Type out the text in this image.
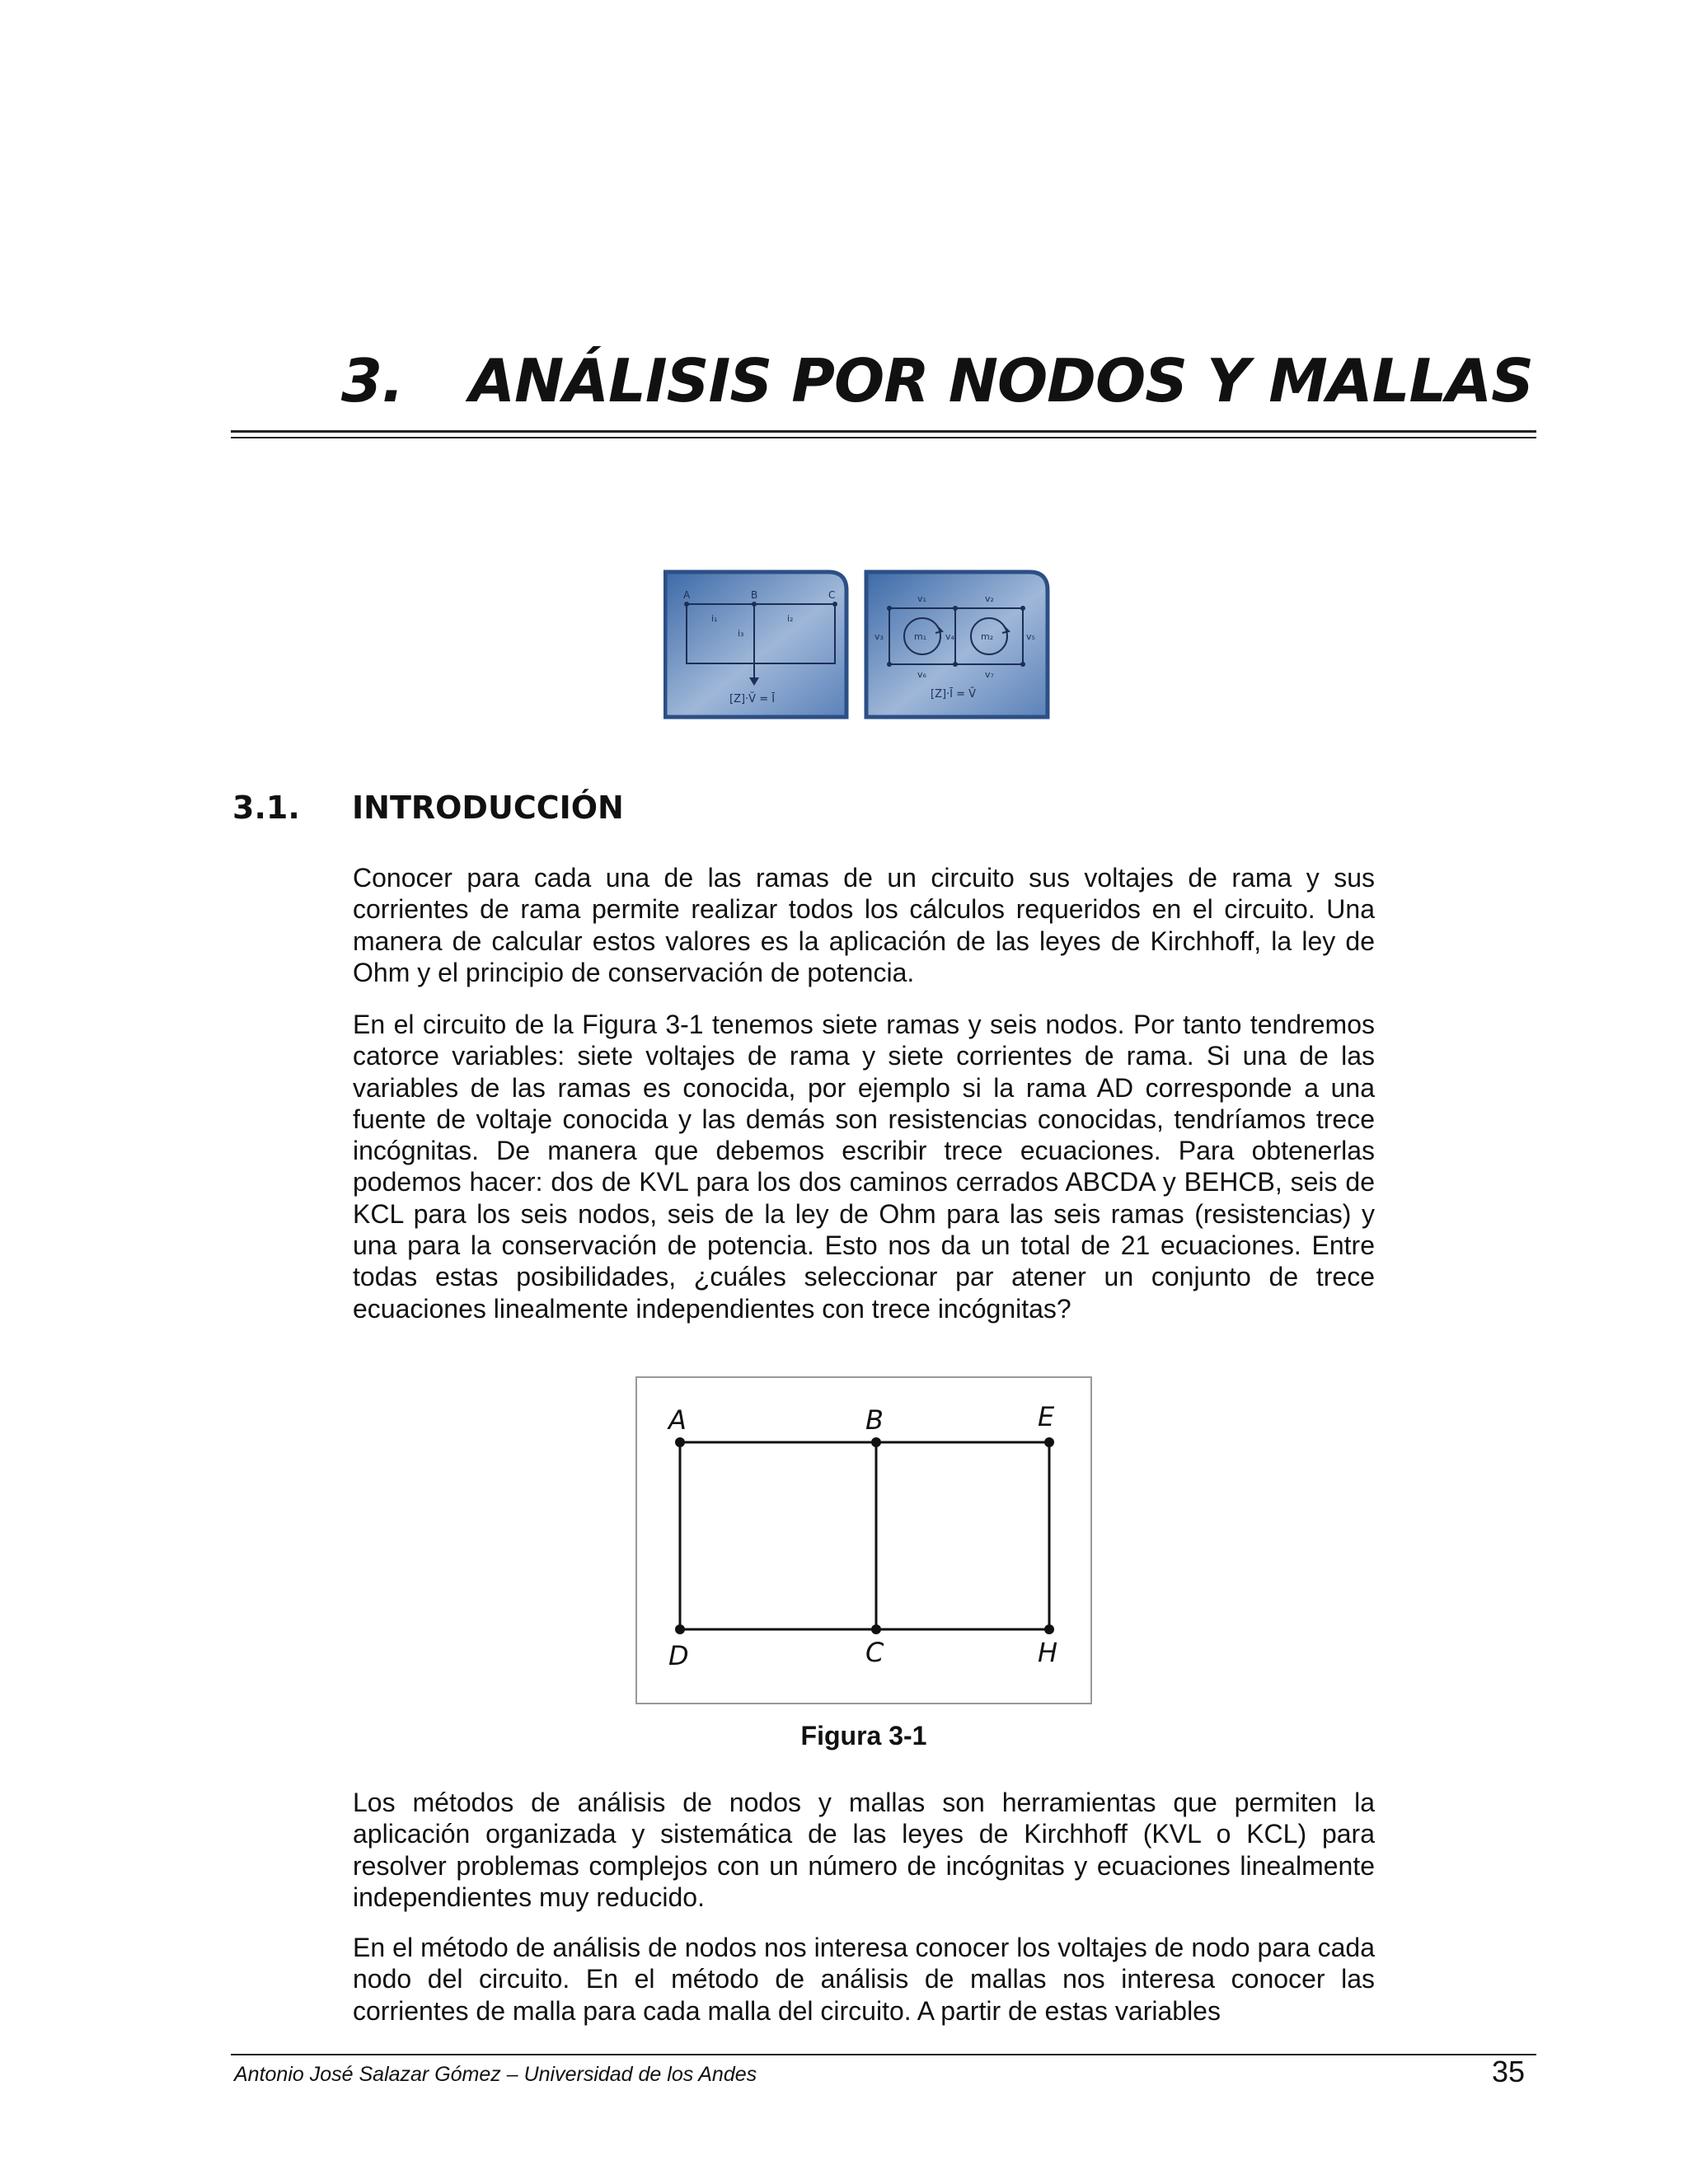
3. ANÁLISIS POR NODOS Y MALLAS
A	B	C
i₁	i₂
i₃
[Z]·V̄ = Ī
v₁	v₂
v₃	v₄	v₅
v₆	v₇
m₁	m₂
[Z]·Ī = V̄
3.1. INTRODUCCIÓN

Conocer para cada una de las ramas de un circuito sus voltajes de rama y sus corrientes de rama permite realizar todos los cálculos requeridos en el circuito. Una manera de calcular estos valores es la aplicación de las leyes de Kirchhoff, la ley de Ohm y el principio de conservación de potencia.

En el circuito de la Figura 3-1 tenemos siete ramas y seis nodos. Por tanto tendremos catorce variables: siete voltajes de rama y siete corrientes de rama. Si una de las variables de las ramas es conocida, por ejemplo si la rama AD corresponde a una fuente de voltaje conocida y las demás son resistencias conocidas, tendríamos trece incógnitas. De manera que debemos escribir trece ecuaciones. Para obtenerlas podemos hacer: dos de KVL para los dos caminos cerrados ABCDA y BEHCB, seis de KCL para los seis nodos, seis de la ley de Ohm para las seis ramas (resistencias) y una para la conservación de potencia. Esto nos da un total de 21 ecuaciones. Entre todas estas posibilidades, ¿cuáles seleccionar par atener un conjunto de trece ecuaciones linealmente independientes con trece incógnitas?

A	B	E
D	C	H
Figura 3-1

Los métodos de análisis de nodos y mallas son herramientas que permiten la aplicación organizada y sistemática de las leyes de Kirchhoff (KVL o KCL) para resolver problemas complejos con un número de incógnitas y ecuaciones linealmente independientes muy reducido.

En el método de análisis de nodos nos interesa conocer los voltajes de nodo para cada nodo del circuito. En el método de análisis de mallas nos interesa conocer las corrientes de malla para cada malla del circuito. A partir de estas variables

Antonio José Salazar Gómez – Universidad de los Andes	35
